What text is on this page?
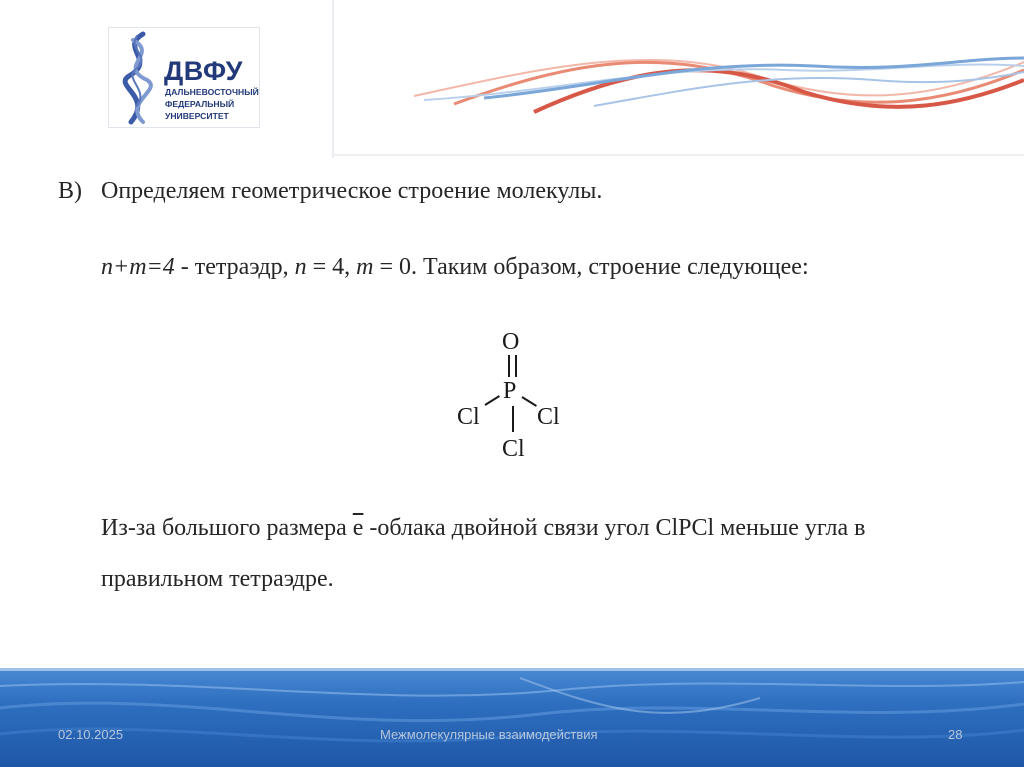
ДВФУ
ДАЛЬНЕВОСТОЧНЫЙ
ФЕДЕРАЛЬНЫЙ
УНИВЕРСИТЕТ
В) Определяем геометрическое строение молекулы.
n+m=4 - тетраэдр, n = 4, m = 0. Таким образом, строение следующее:
O
P
Cl Cl
Cl
Из-за большого размера е -облака двойной связи угол ClPCl меньше угла в
правильном тетраэдре.
02.10.2025	Межмолекулярные взаимодействия	28
